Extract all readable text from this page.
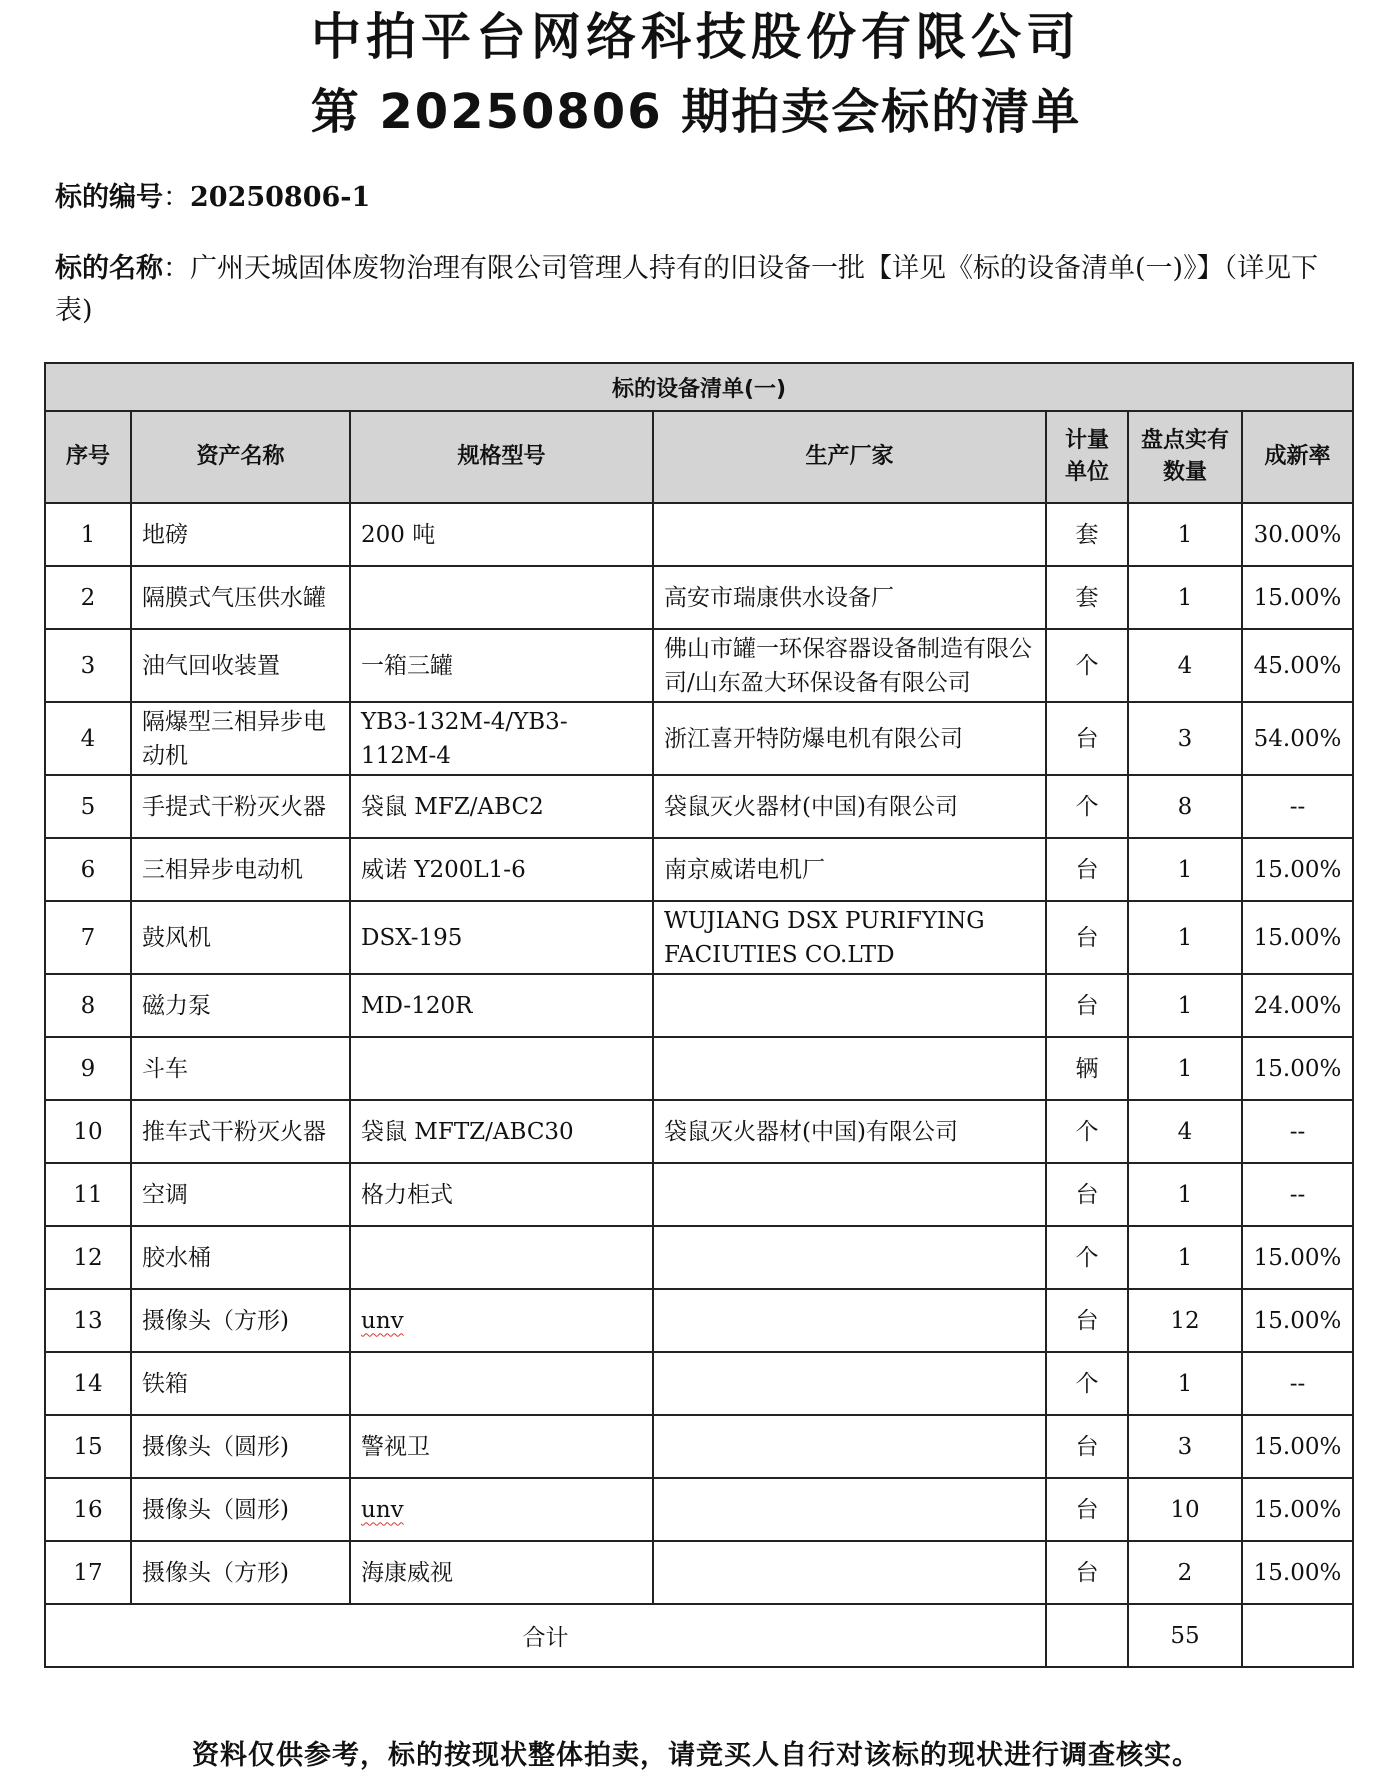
中拍平台网络科技股份有限公司
第 20250806 期拍卖会标的清单
标的编号：20250806-1
标的名称：广州天城固体废物治理有限公司管理人持有的旧设备一批【详见《标的设备清单(一)》】（详见下表)
标的设备清单(一)						
序号	资产名称	规格型号	生产厂家	计量单位	盘点实有数量	成新率
1	地磅	200 吨		套	1	30.00%
2	隔膜式气压供水罐		高安市瑞康供水设备厂	套	1	15.00%
3	油气回收装置	一箱三罐	佛山市罐一环保容器设备制造有限公司/山东盈大环保设备有限公司	个	4	45.00%
4	隔爆型三相异步电动机	YB3-132M-4/YB3-112M-4	浙江喜开特防爆电机有限公司	台	3	54.00%
5	手提式干粉灭火器	袋鼠 MFZ/ABC2	袋鼠灭火器材(中国)有限公司	个	8	--
6	三相异步电动机	威诺 Y200L1-6	南京威诺电机厂	台	1	15.00%
7	鼓风机	DSX-195	WUJIANG DSX PURIFYING FACIUTIES CO.LTD	台	1	15.00%
8	磁力泵	MD-120R		台	1	24.00%
9	斗车			辆	1	15.00%
10	推车式干粉灭火器	袋鼠 MFTZ/ABC30	袋鼠灭火器材(中国)有限公司	个	4	--
11	空调	格力柜式		台	1	--
12	胶水桶			个	1	15.00%
13	摄像头（方形)	unv		台	12	15.00%
14	铁箱			个	1	--
15	摄像头（圆形)	警视卫		台	3	15.00%
16	摄像头（圆形)	unv		台	10	15.00%
17	摄像头（方形)	海康威视		台	2	15.00%
合计					55	
资料仅供参考，标的按现状整体拍卖，请竞买人自行对该标的现状进行调查核实。
